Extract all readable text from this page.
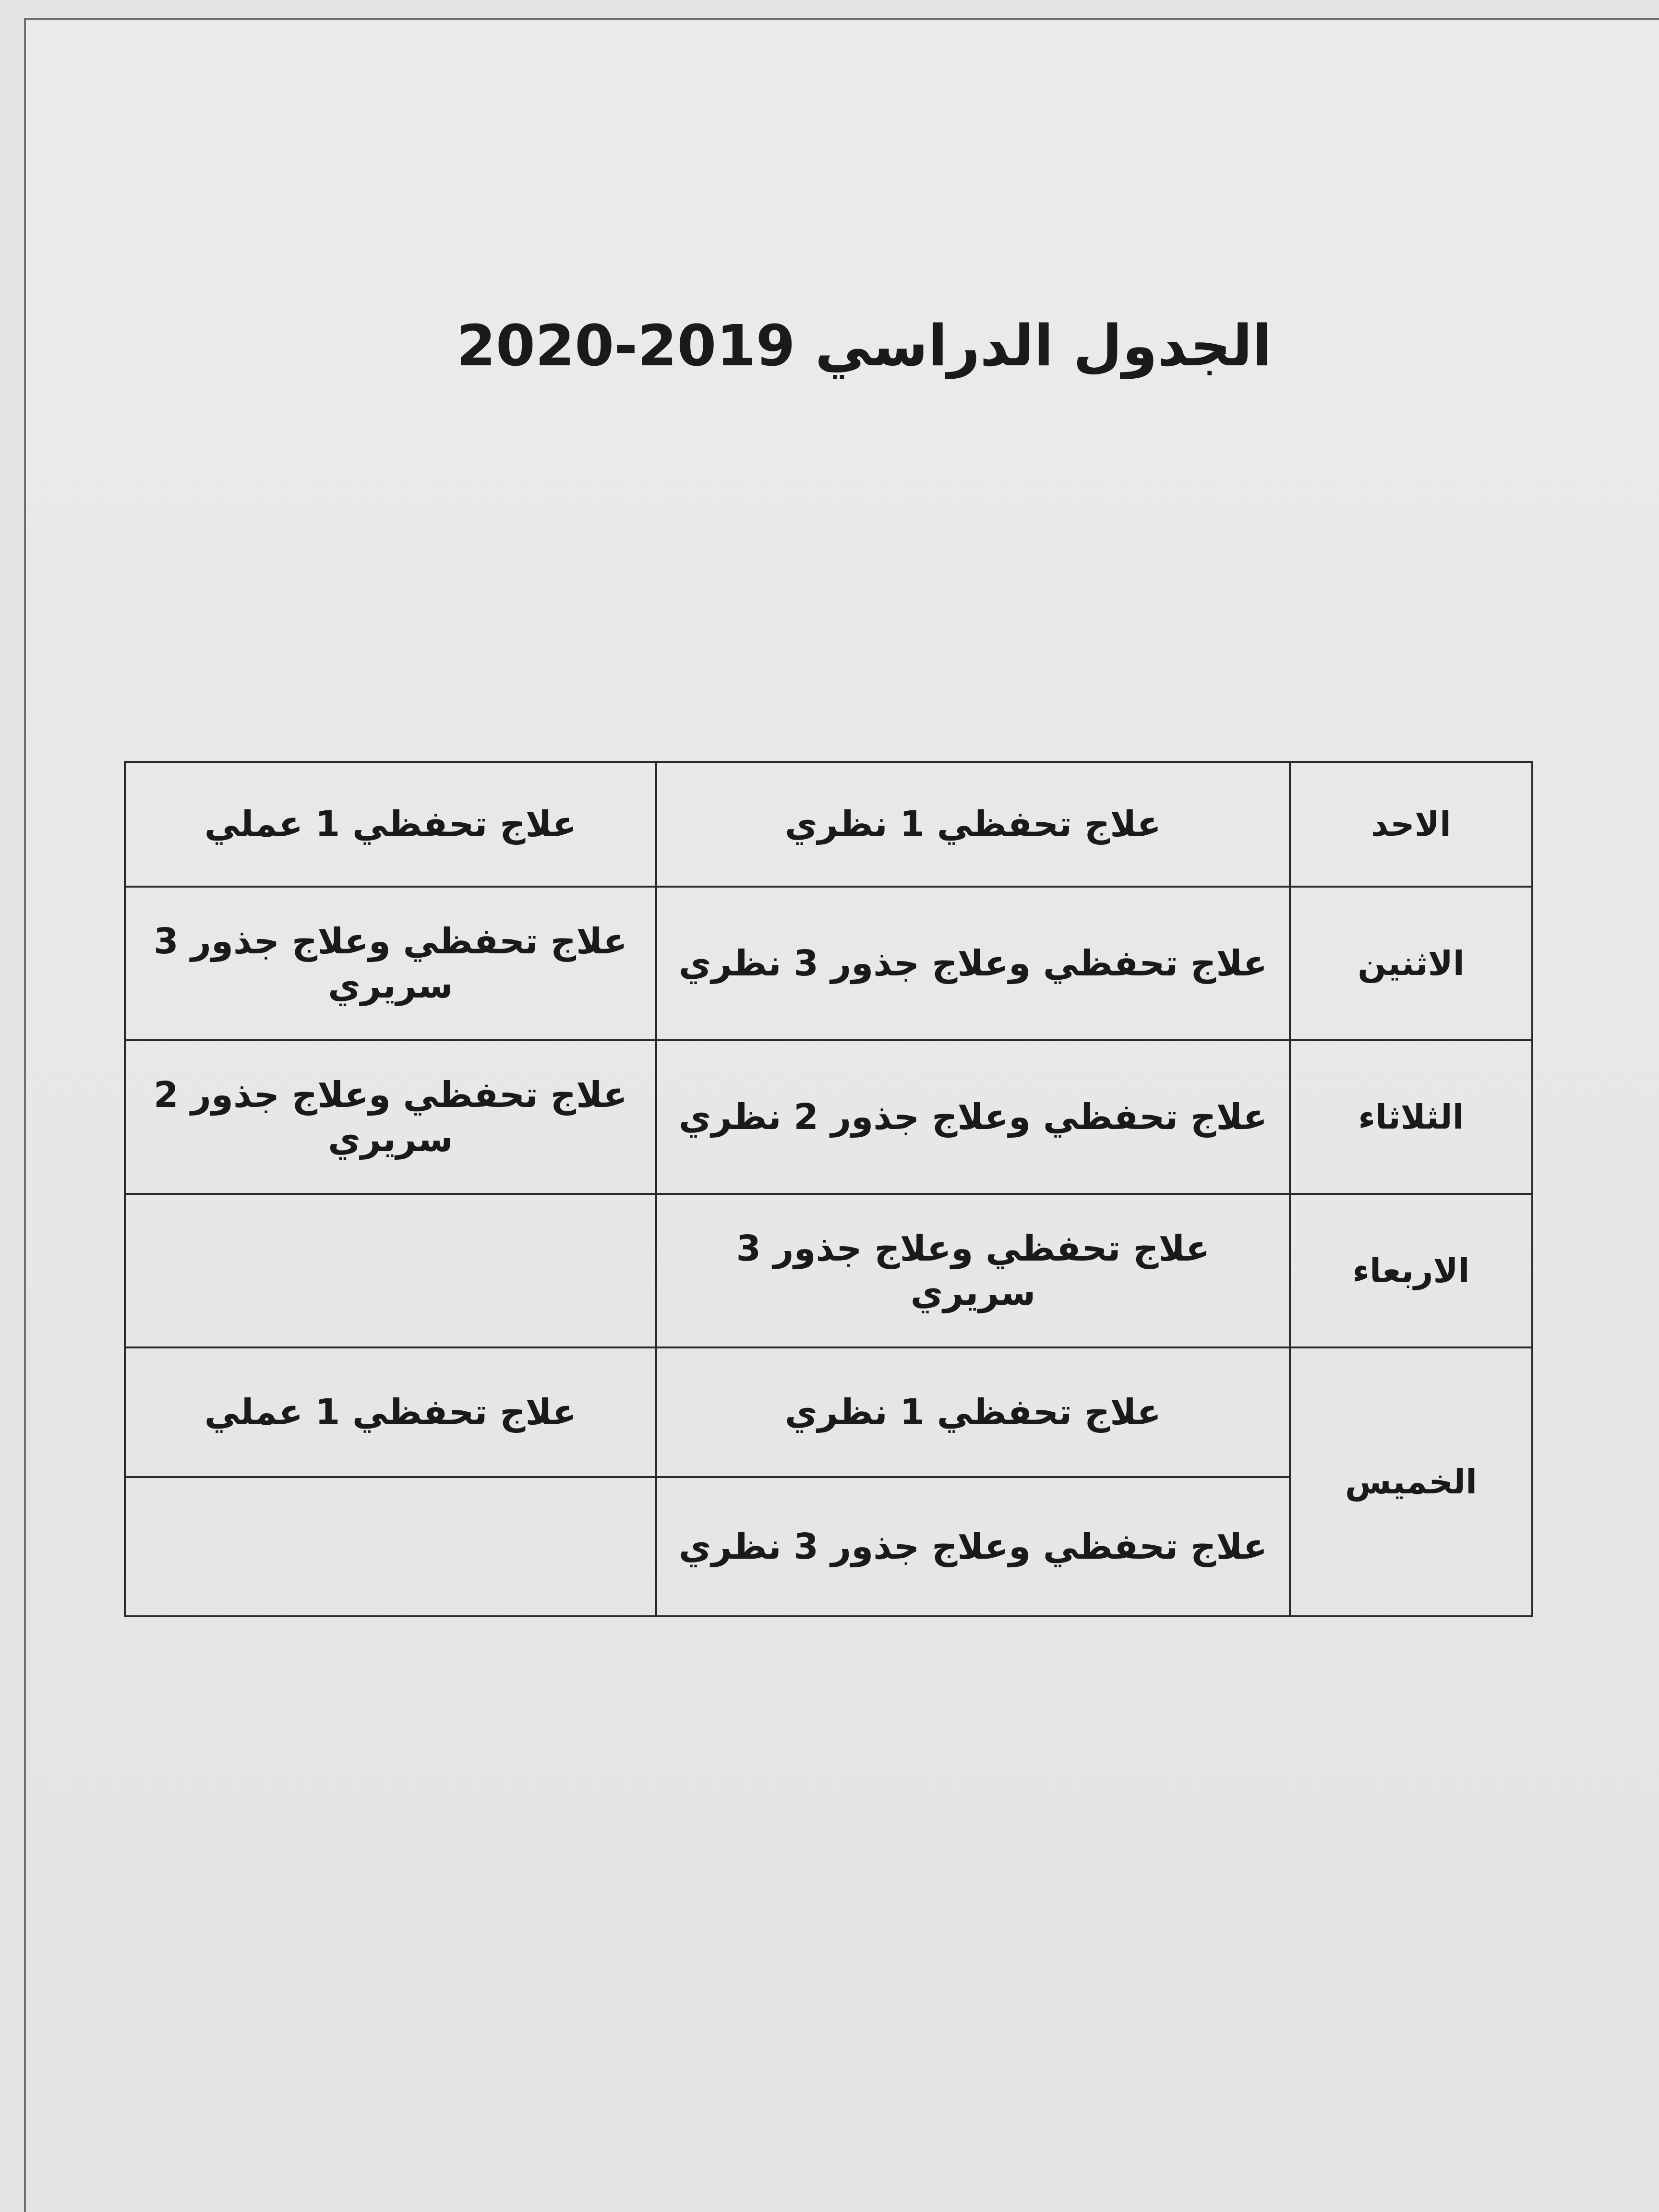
الجدول الدراسي 2019-2020
الاحد	علاج تحفظي 1 نظري	علاج تحفظي 1 عملي
الاثنين	علاج تحفظي وعلاج جذور 3 نظري	علاج تحفظي وعلاج جذور 3 سريري
الثلاثاء	علاج تحفظي وعلاج جذور 2 نظري	علاج تحفظي وعلاج جذور 2 سريري
الاربعاء	علاج تحفظي وعلاج جذور 3 سريري	
الخميس	علاج تحفظي 1 نظري	علاج تحفظي 1 عملي
	علاج تحفظي وعلاج جذور 3 نظري	
